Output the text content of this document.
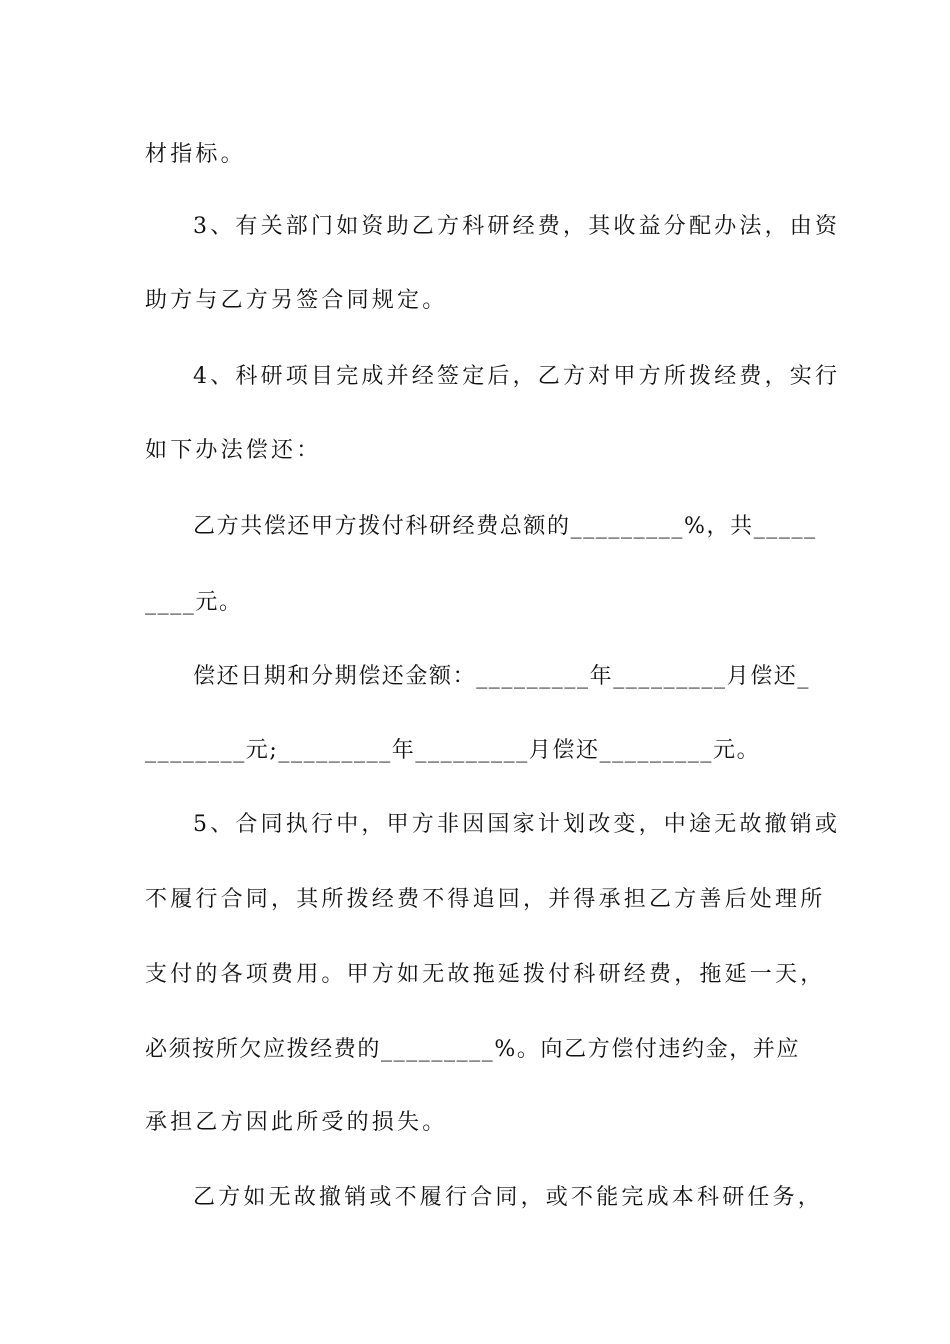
材指标。
3、有关部门如资助乙方科研经费，其收益分配办法，由资
助方与乙方另签合同规定。
4、科研项目完成并经签定后，乙方对甲方所拨经费，实行
如下办法偿还：
乙方共偿还甲方拨付科研经费总额的_________%，共_____
____元。
偿还日期和分期偿还金额：_________年_________月偿还_
________元;_________年_________月偿还_________元。
5、合同执行中，甲方非因国家计划改变，中途无故撤销或
不履行合同，其所拨经费不得追回，并得承担乙方善后处理所
支付的各项费用。甲方如无故拖延拨付科研经费，拖延一天，
必须按所欠应拨经费的_________%。向乙方偿付违约金，并应
承担乙方因此所受的损失。
乙方如无故撤销或不履行合同，或不能完成本科研任务，
